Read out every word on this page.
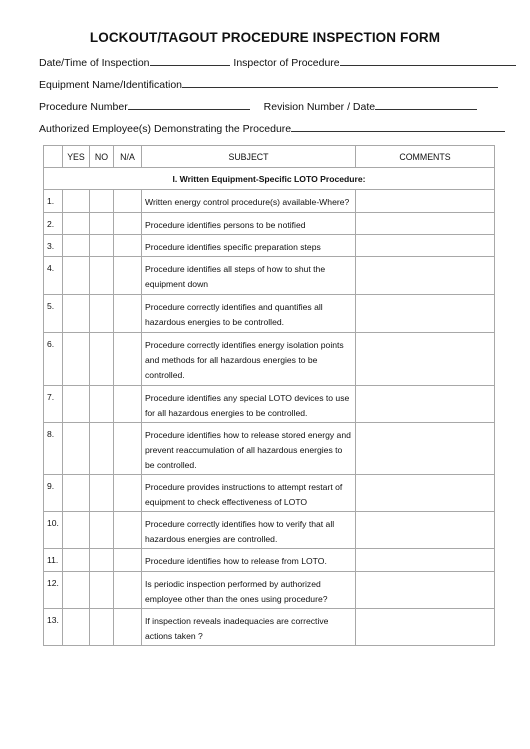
LOCKOUT/TAGOUT PROCEDURE INSPECTION FORM
Date/Time of Inspection	Inspector of Procedure
Equipment Name/Identification
Procedure Number	Revision Number / Date
Authorized Employee(s) Demonstrating the Procedure
	YES	NO	N/A	SUBJECT	COMMENTS
I. Written Equipment-Specific LOTO Procedure:					
1.				Written energy control procedure(s) available-Where?	
2.				Procedure identifies persons to be notified	
3.				Procedure identifies specific preparation steps	
4.				Procedure identifies all steps of how to shut the equipment down	
5.				Procedure correctly identifies and quantifies all hazardous energies to be controlled.	
6.				Procedure correctly identifies energy isolation points and methods for all hazardous energies to be controlled.	
7.				Procedure identifies any special LOTO devices to use for all hazardous energies to be controlled.	
8.				Procedure identifies how to release stored energy and prevent reaccumulation of all hazardous energies to be controlled.	
9.				Procedure provides instructions to attempt restart of equipment to check effectiveness of LOTO	
10.				Procedure correctly identifies how to verify that all hazardous energies are controlled.	
11.				Procedure identifies how to release from LOTO.	
12.				Is periodic inspection performed by authorized employee other than the ones using procedure?	
13.				If inspection reveals inadequacies are corrective actions taken ?	
